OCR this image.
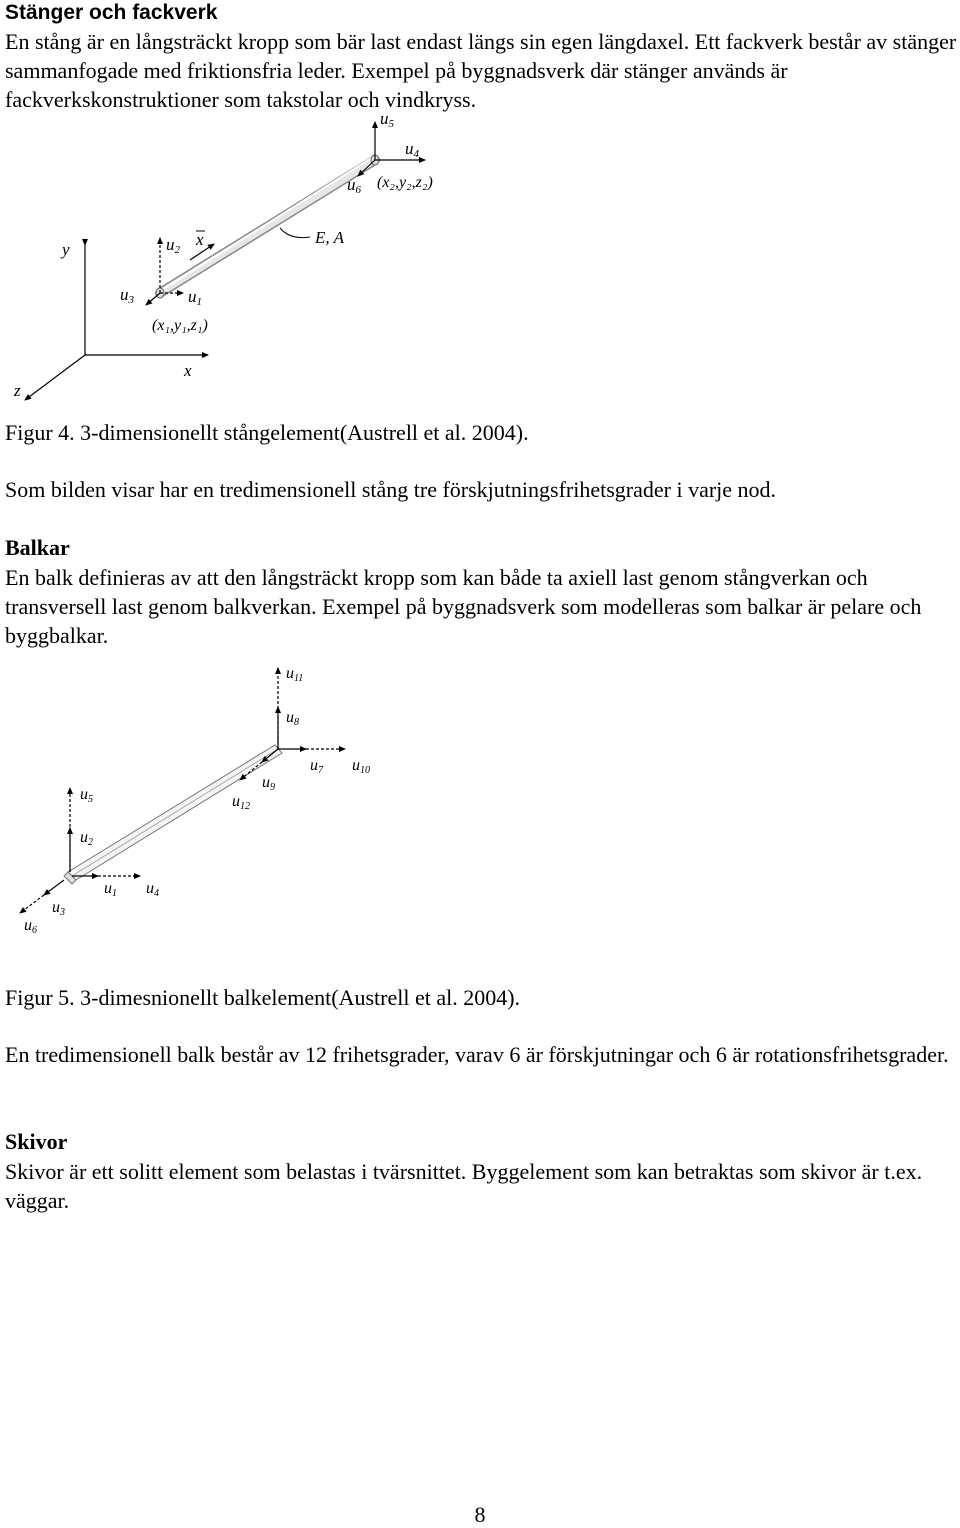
Stänger och fackverk

En stång är en långsträckt kropp som bär last endast längs sin egen längdaxel. Ett fackverk består av stänger sammanfogade med friktionsfria leder. Exempel på byggnadsverk där stänger används är fackverkskonstruktioner som takstolar och vindkryss.

u5
u4
u6 (x₂,y₂,z₂)
E, A
y	u2
x
u3	u1
(x₁,y₁,z₁)
z
x

Figur 4. 3-dimensionellt stångelement(Austrell et al. 2004).

Som bilden visar har en tredimensionell stång tre förskjutningsfrihetsgrader i varje nod.

Balkar

En balk definieras av att den långsträckt kropp som kan både ta axiell last genom stångverkan och transversell last genom balkverkan. Exempel på byggnadsverk som modelleras som balkar är pelare och byggbalkar.

u11
u8
u7 u10
u9
u12
u5
u2
u1 u4
u3
u6

Figur 5. 3-dimesnionellt balkelement(Austrell et al. 2004).

En tredimensionell balk består av 12 frihetsgrader, varav 6 är förskjutningar och 6 är rotationsfrihetsgrader.

Skivor

Skivor är ett solitt element som belastas i tvärsnittet. Byggelement som kan betraktas som skivor är t.ex. väggar.

8
